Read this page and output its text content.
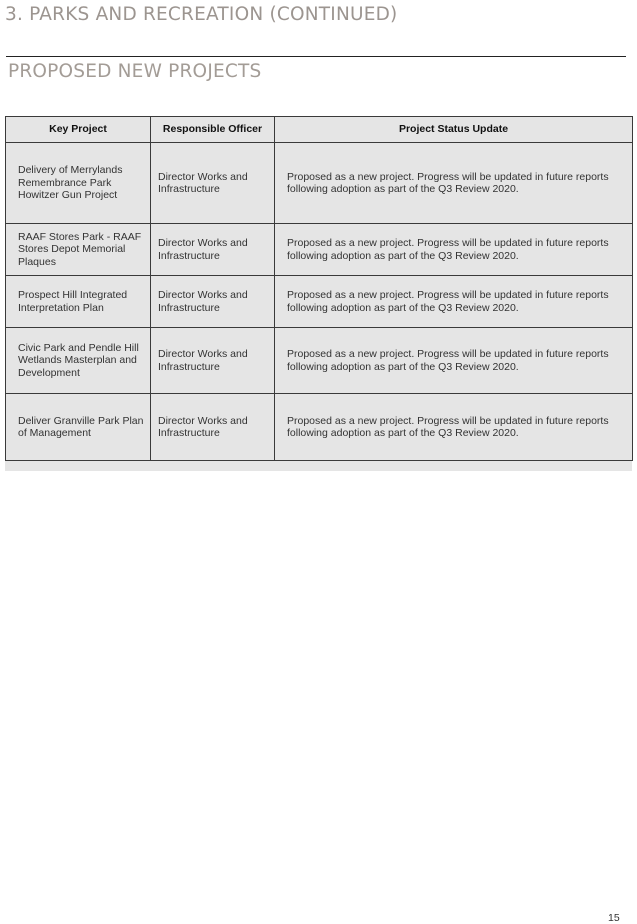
3. PARKS AND RECREATION (CONTINUED)
PROPOSED NEW PROJECTS
Key Project	Responsible Officer	Project Status Update
Delivery of Merrylands Remembrance Park Howitzer Gun Project	Director Works and Infrastructure	Proposed as a new project. Progress will be updated in future reports following adoption as part of the Q3 Review 2020.
RAAF Stores Park - RAAF Stores Depot Memorial Plaques	Director Works and Infrastructure	Proposed as a new project. Progress will be updated in future reports following adoption as part of the Q3 Review 2020.
Prospect Hill Integrated Interpretation Plan	Director Works and Infrastructure	Proposed as a new project. Progress will be updated in future reports following adoption as part of the Q3 Review 2020.
Civic Park and Pendle Hill Wetlands Masterplan and Development	Director Works and Infrastructure	Proposed as a new project. Progress will be updated in future reports following adoption as part of the Q3 Review 2020.
Deliver Granville Park Plan of Management	Director Works and Infrastructure	Proposed as a new project. Progress will be updated in future reports following adoption as part of the Q3 Review 2020.
15
